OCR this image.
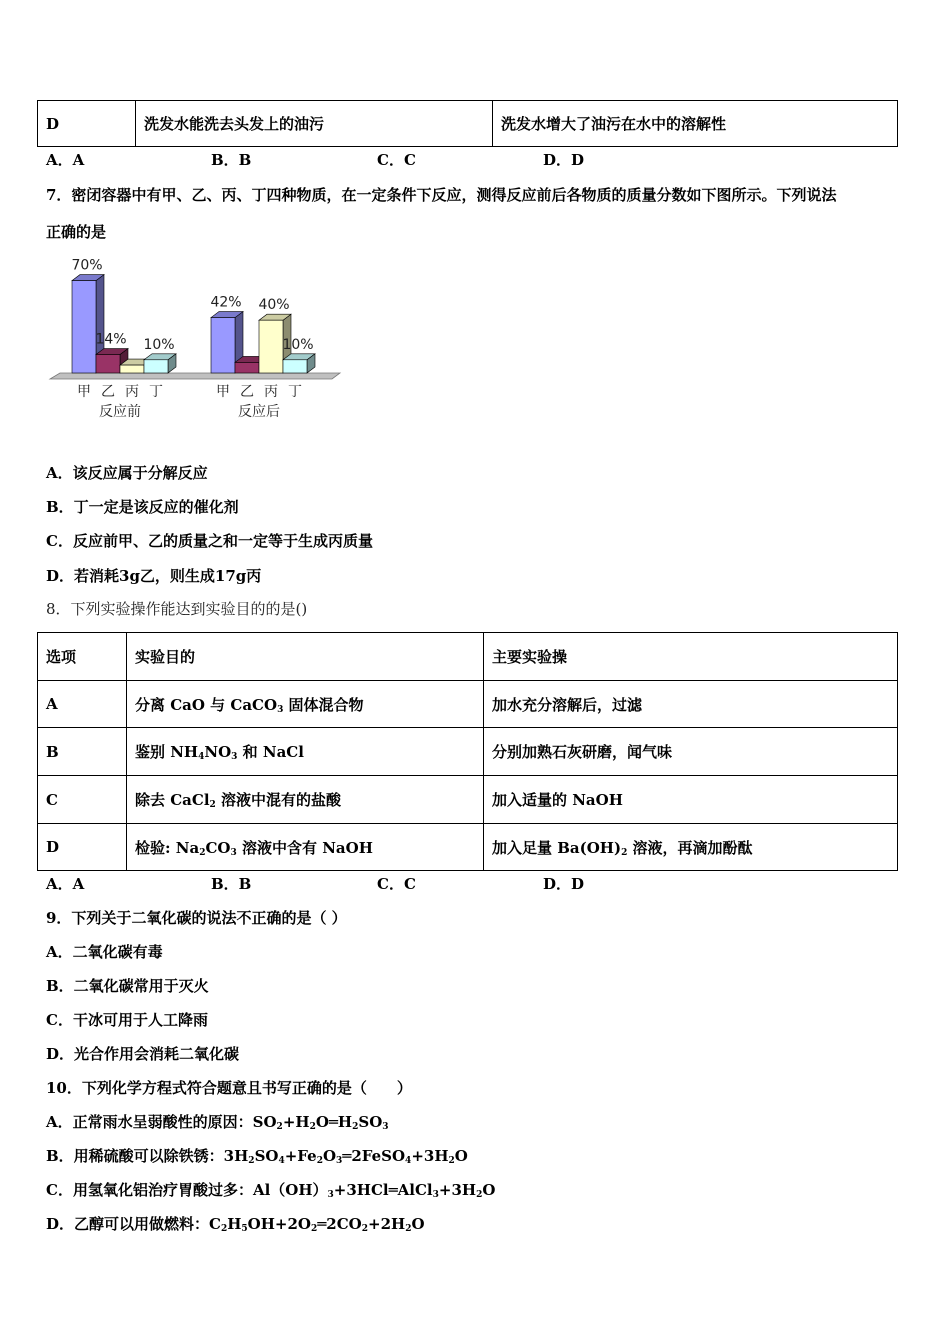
D	洗发水能洗去头发上的油污	洗发水增大了油污在水中的溶解性
A．A	B．B	C．C	D．D
7．密闭容器中有甲、乙、丙、丁四种物质，在一定条件下反应，测得反应前后各物质的质量分数如下图所示。下列说法
正确的是
70%
甲
14%
乙 丙
10%
丁
反应前
42%
甲 乙
40%
丙
10%
丁
反应后
A．该反应属于分解反应
B．丁一定是该反应的催化剂
C．反应前甲、乙的质量之和一定等于生成丙质量
D．若消耗3g乙，则生成17g丙
8．下列实验操作能达到实验目的的是()
选项	实验目的	主要实验操
A	分离 CaO 与 CaCO$_3$ 固体混合物	加水充分溶解后，过滤
B	鉴别 $NH_4NO_3$ 和 NaCl	分别加熟石灰研磨，闻气味
C	除去 CaCl$_2$ 溶液中混有的盐酸	加入适量的 NaOH
D	检验: $Na_2CO_3$ 溶液中含有 NaOH	加入足量 $Ba(OH)_2$ 溶液，再滴加酚酞
A．A	B．B	C．C	D．D
9．下列关于二氧化碳的说法不正确的是（ ）
A．二氧化碳有毒
B．二氧化碳常用于灭火
C．干冰可用于人工降雨
D．光合作用会消耗二氧化碳
10．下列化学方程式符合题意且书写正确的是（　　）
A．正常雨水呈弱酸性的原因：$SO_2+H_2O═H_2SO_3$
B．用稀硫酸可以除铁锈：$3H_2SO_4+Fe_2O_3═2FeSO_4+3H_2O$
C．用氢氧化铝治疗胃酸过多：$Al(OH)_3+3HCl═AlCl_3+3H_2O$
D．乙醇可以用做燃料：$C_2H_5OH+2O_2═2CO_2+2H_2O$
